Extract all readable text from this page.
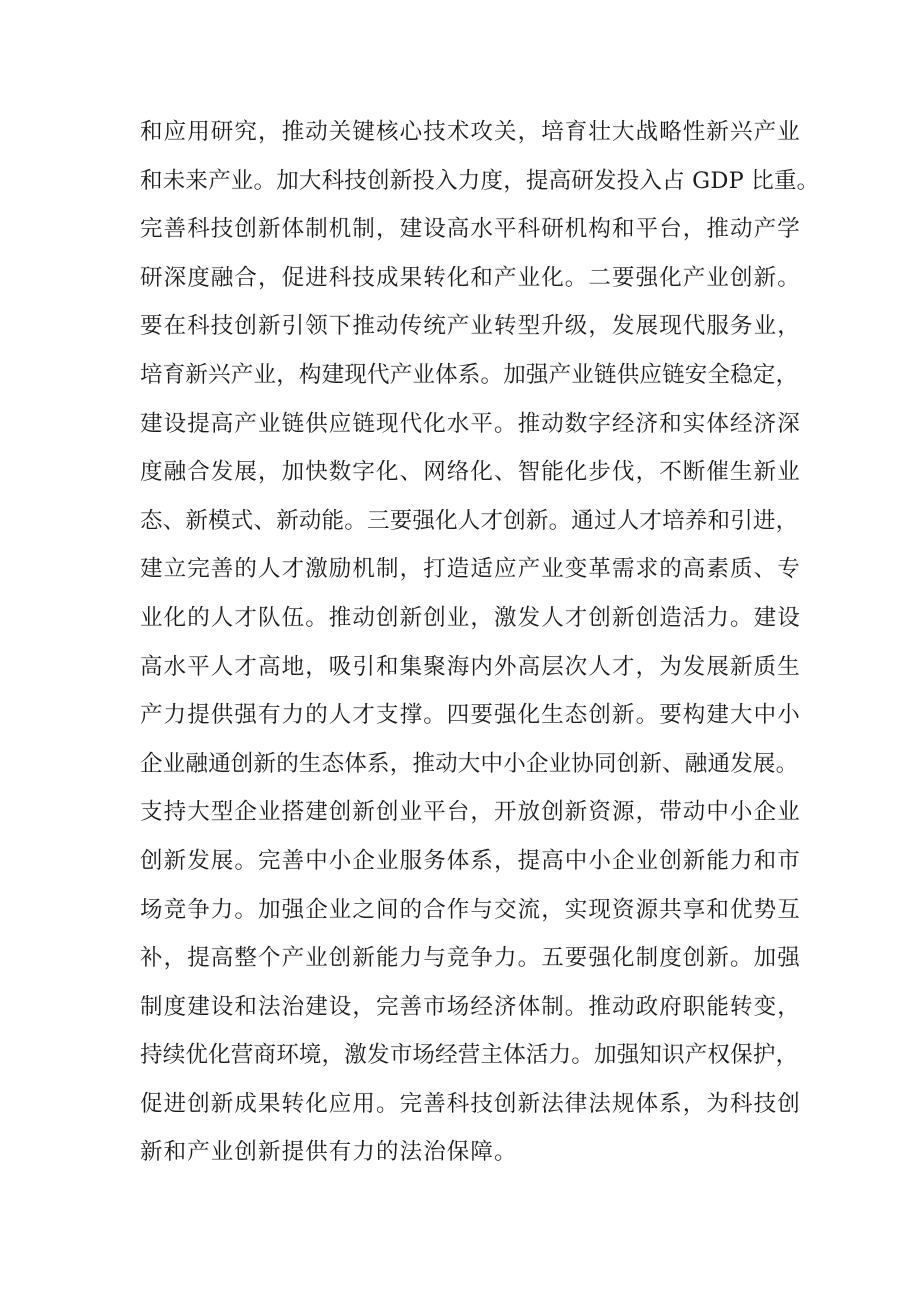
和应用研究，推动关键核心技术攻关，培育壮大战略性新兴产业
和未来产业。加大科技创新投入力度，提高研发投入占 GDP 比重。
完善科技创新体制机制，建设高水平科研机构和平台，推动产学
研深度融合，促进科技成果转化和产业化。二要强化产业创新。
要在科技创新引领下推动传统产业转型升级，发展现代服务业，
培育新兴产业，构建现代产业体系。加强产业链供应链安全稳定，
建设提高产业链供应链现代化水平。推动数字经济和实体经济深
度融合发展，加快数字化、网络化、智能化步伐，不断催生新业
态、新模式、新动能。三要强化人才创新。通过人才培养和引进，
建立完善的人才激励机制，打造适应产业变革需求的高素质、专
业化的人才队伍。推动创新创业，激发人才创新创造活力。建设
高水平人才高地，吸引和集聚海内外高层次人才，为发展新质生
产力提供强有力的人才支撑。四要强化生态创新。要构建大中小
企业融通创新的生态体系，推动大中小企业协同创新、融通发展。
支持大型企业搭建创新创业平台，开放创新资源，带动中小企业
创新发展。完善中小企业服务体系，提高中小企业创新能力和市
场竞争力。加强企业之间的合作与交流，实现资源共享和优势互
补，提高整个产业创新能力与竞争力。五要强化制度创新。加强
制度建设和法治建设，完善市场经济体制。推动政府职能转变，
持续优化营商环境，激发市场经营主体活力。加强知识产权保护，
促进创新成果转化应用。完善科技创新法律法规体系，为科技创
新和产业创新提供有力的法治保障。
